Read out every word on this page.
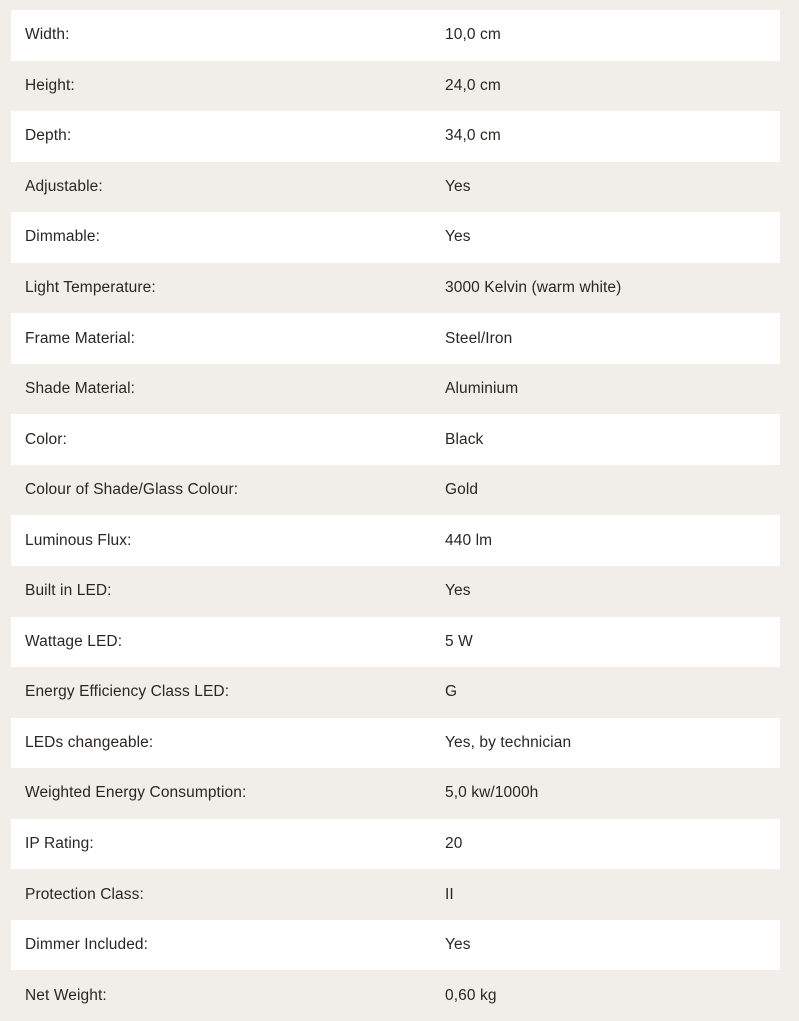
Width:	10,0 cm
Height:	24,0 cm
Depth:	34,0 cm
Adjustable:	Yes
Dimmable:	Yes
Light Temperature:	3000 Kelvin (warm white)
Frame Material:	Steel/Iron
Shade Material:	Aluminium
Color:	Black
Colour of Shade/Glass Colour:	Gold
Luminous Flux:	440 lm
Built in LED:	Yes
Wattage LED:	5 W
Energy Efficiency Class LED:	G
LEDs changeable:	Yes, by technician
Weighted Energy Consumption:	5,0 kw/1000h
IP Rating:	20
Protection Class:	II
Dimmer Included:	Yes
Net Weight:	0,60 kg
